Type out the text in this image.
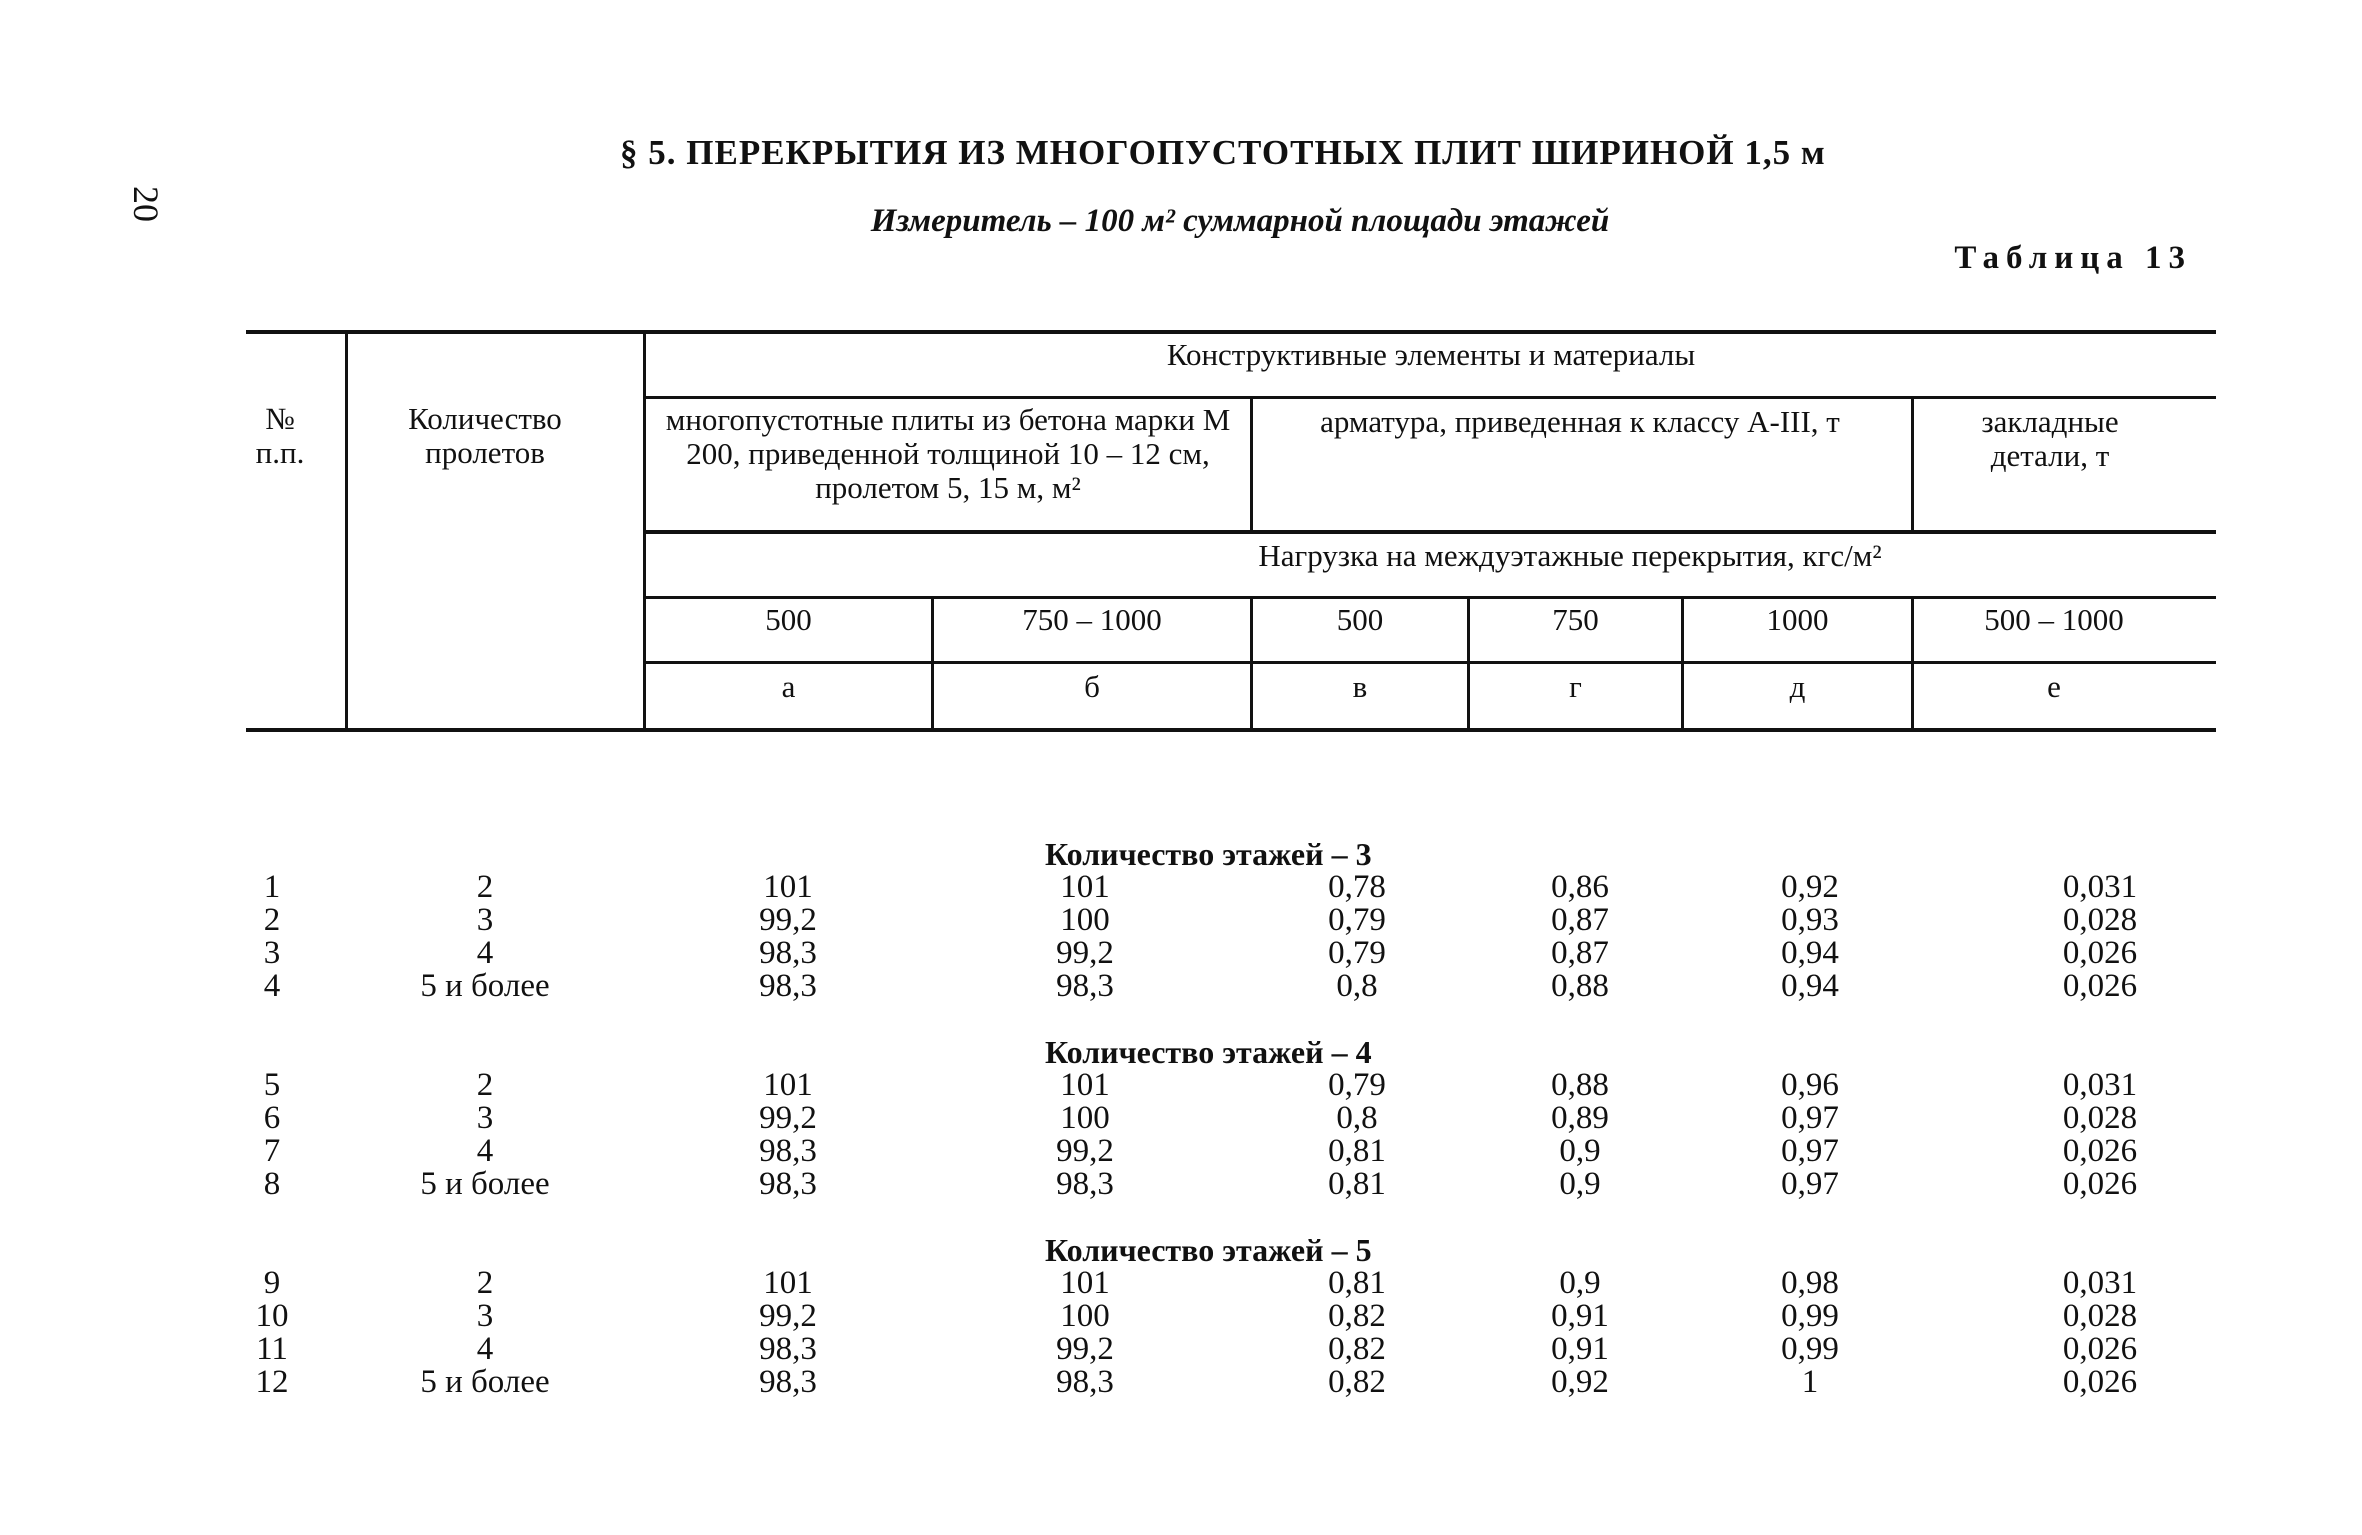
20
§ 5. ПЕРЕКРЫТИЯ ИЗ МНОГОПУСТОТНЫХ ПЛИТ ШИРИНОЙ 1,5 м
Измеритель – 100 м² суммарной площади этажей
Таблица 13
№ п.п.
Количество пролетов
Конструктивные элементы и материалы
многопустотные плиты из бетона марки М 200, приведенной толщиной 10 – 12 см, пролетом 5, 15 м, м²
арматура, приведенная к классу А-III, т	закладные детали, т
Нагрузка на междуэтажные перекрытия, кгс/м²
500	750 – 1000	500	750	1000	500 – 1000
а	б	в	г	д	е
Количество этажей – 3
1	2	101	101	0,78	0,86	0,92	0,031
2	3	99,2	100	0,79	0,87	0,93	0,028
3	4	98,3	99,2	0,79	0,87	0,94	0,026
4	5 и более	98,3	98,3	0,8	0,88	0,94	0,026
Количество этажей – 4
5	2	101	101	0,79	0,88	0,96	0,031
6	3	99,2	100	0,8	0,89	0,97	0,028
7	4	98,3	99,2	0,81	0,9	0,97	0,026
8	5 и более	98,3	98,3	0,81	0,9	0,97	0,026
Количество этажей – 5
9	2	101	101	0,81	0,9	0,98	0,031
10	3	99,2	100	0,82	0,91	0,99	0,028
11	4	98,3	99,2	0,82	0,91	0,99	0,026
12	5 и более	98,3	98,3	0,82	0,92	1	0,026
